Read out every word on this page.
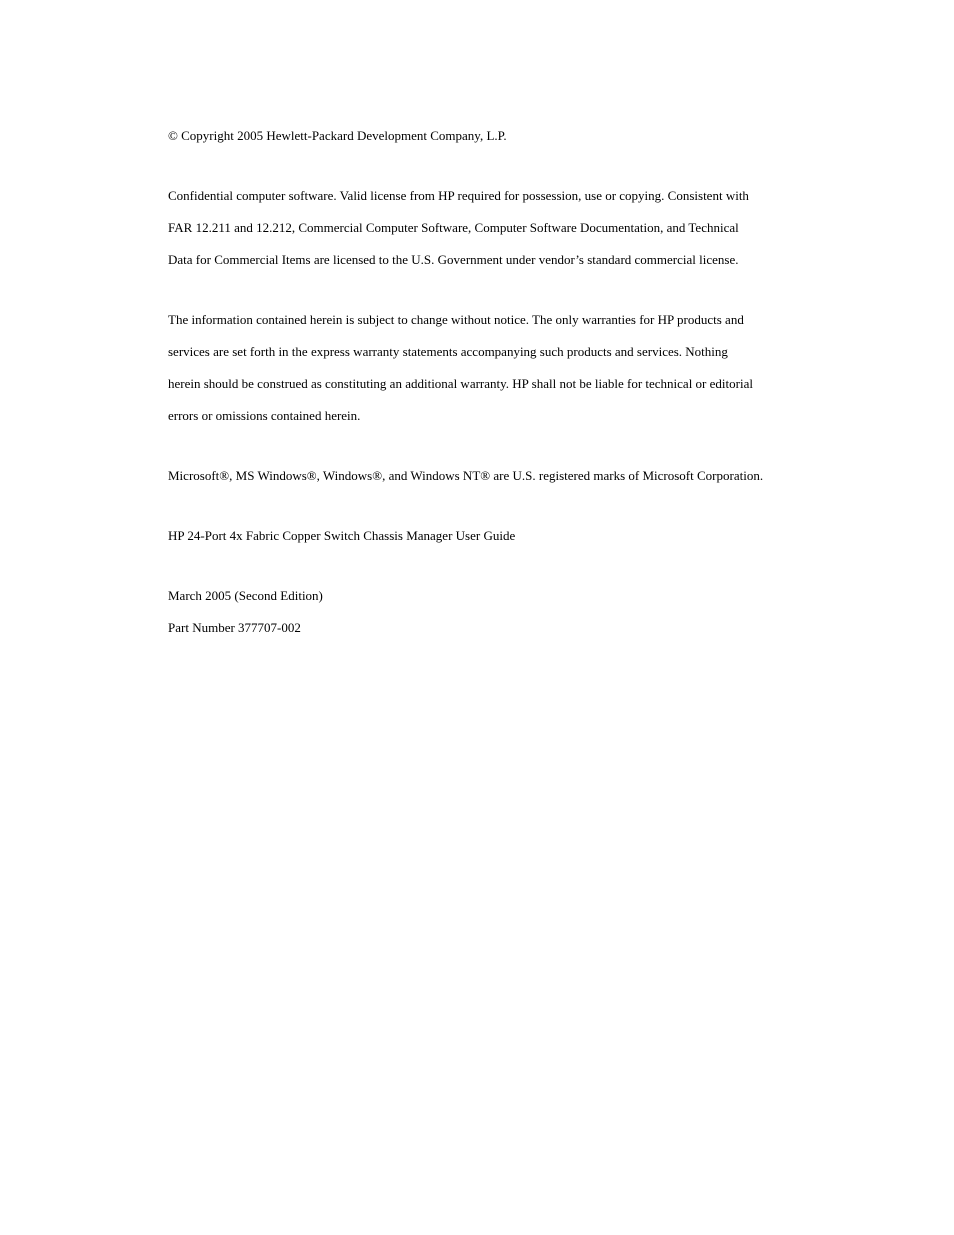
© Copyright 2005 Hewlett-Packard Development Company, L.P.

Confidential computer software. Valid license from HP required for possession, use or copying. Consistent with

FAR 12.211 and 12.212, Commercial Computer Software, Computer Software Documentation, and Technical

Data for Commercial Items are licensed to the U.S. Government under vendor’s standard commercial license.

The information contained herein is subject to change without notice. The only warranties for HP products and

services are set forth in the express warranty statements accompanying such products and services. Nothing

herein should be construed as constituting an additional warranty. HP shall not be liable for technical or editorial

errors or omissions contained herein.

Microsoft®, MS Windows®, Windows®, and Windows NT® are U.S. registered marks of Microsoft Corporation.

HP 24-Port 4x Fabric Copper Switch Chassis Manager User Guide

March 2005 (Second Edition)

Part Number 377707-002
